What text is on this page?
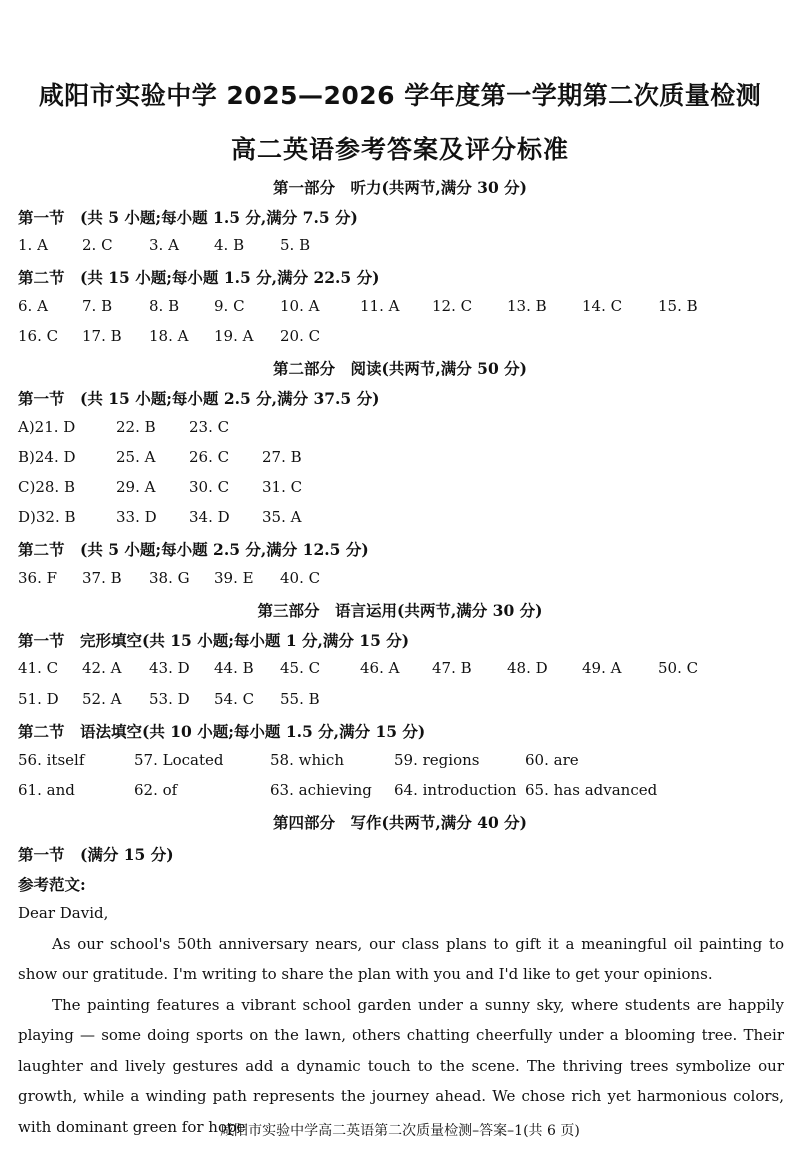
咸阳市实验中学 2025—2026 学年度第一学期第二次质量检测
高二英语参考答案及评分标准
第一部分　听力(共两节,满分 30 分)
第一节　(共 5 小题;每小题 1.5 分,满分 7.5 分)
1. A 2. C 3. A 4. B 5. B
第二节　(共 15 小题;每小题 1.5 分,满分 22.5 分)
6. A 7. B 8. B 9. C 10. A	11. A 12. C 13. B 14. C 15. B
16. C 17. B 18. A 19. A 20. C
第二部分　阅读(共两节,满分 50 分)
第一节　(共 15 小题;每小题 2.5 分,满分 37.5 分)
A)21. D	22. B 23. C
B)24. D	25. A 26. C 27. B
C)28. B	29. A 30. C 31. C
D)32. B	33. D 34. D 35. A
第二节　(共 5 小题;每小题 2.5 分,满分 12.5 分)
36. F 37. B 38. G 39. E 40. C
第三部分　语言运用(共两节,满分 30 分)
第一节　完形填空(共 15 小题;每小题 1 分,满分 15 分)
41. C 42. A 43. D 44. B 45. C	46. A 47. B 48. D 49. A 50. C
51. D 52. A 53. D 54. C 55. B
第二节　语法填空(共 10 小题;每小题 1.5 分,满分 15 分)
56. itself	57. Located	58. which	59. regions	60. are
61. and	62. of	63. achieving 64. introduction 65. has advanced
第四部分　写作(共两节,满分 40 分)
第一节　(满分 15 分)
参考范文:

Dear David,

As our school's 50th anniversary nears, our class plans to gift it a meaningful oil painting to show our gratitude. I'm writing to share the plan with you and I'd like to get your opinions.

The painting features a vibrant school garden under a sunny sky, where students are happily playing — some doing sports on the lawn, others chatting cheerfully under a blooming tree. Their laughter and lively gestures add a dynamic touch to the scene. The thriving trees symbolize our growth, while a winding path represents the journey ahead. We chose rich yet harmonious colors, with dominant green for hope

咸阳市实验中学高二英语第二次质量检测–答案–1(共 6 页)
